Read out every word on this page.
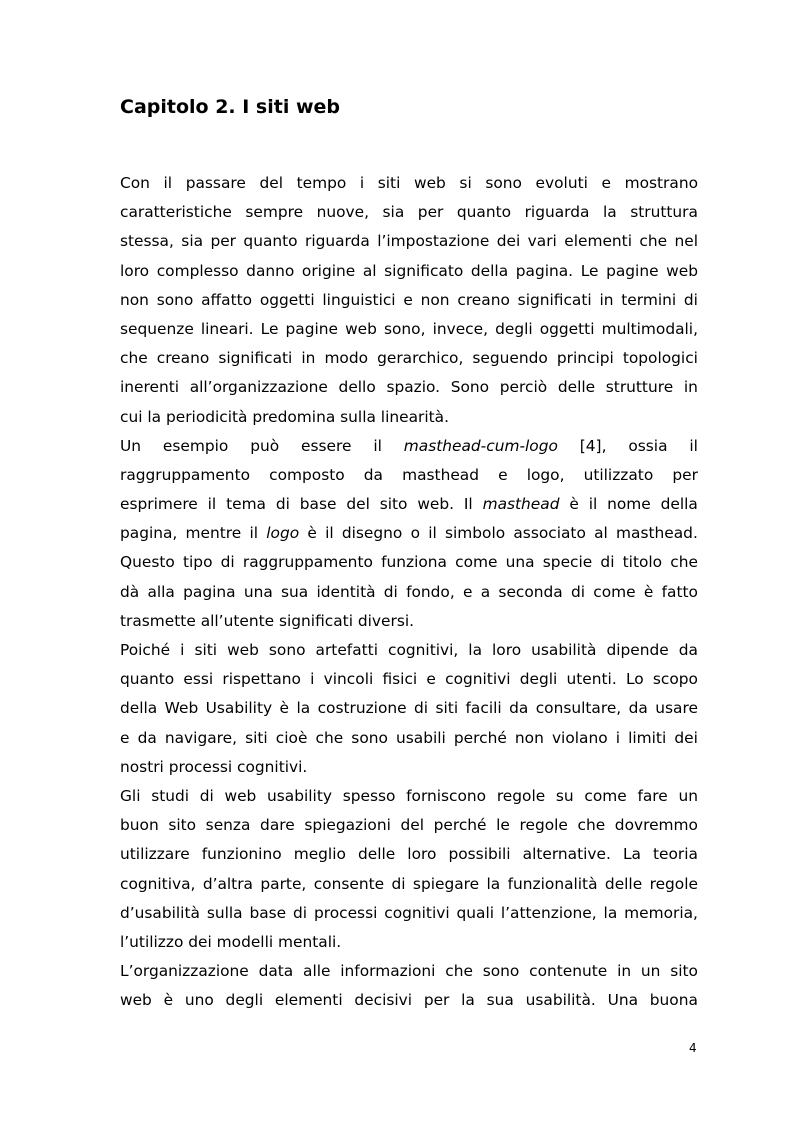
Capitolo 2. I siti web
Con il passare del tempo i siti web si sono evoluti e mostrano
caratteristiche sempre nuove, sia per quanto riguarda la struttura
stessa, sia per quanto riguarda l’impostazione dei vari elementi che nel
loro complesso danno origine al significato della pagina. Le pagine web
non sono affatto oggetti linguistici e non creano significati in termini di
sequenze lineari. Le pagine web sono, invece, degli oggetti multimodali,
che creano significati in modo gerarchico, seguendo principi topologici
inerenti all’organizzazione dello spazio. Sono perciò delle strutture in
cui la periodicità predomina sulla linearità.
Un esempio può essere il masthead-cum-logo [4], ossia il
raggruppamento composto da masthead e logo, utilizzato per
esprimere il tema di base del sito web. Il masthead è il nome della
pagina, mentre il logo è il disegno o il simbolo associato al masthead.
Questo tipo di raggruppamento funziona come una specie di titolo che
dà alla pagina una sua identità di fondo, e a seconda di come è fatto
trasmette all’utente significati diversi.
Poiché i siti web sono artefatti cognitivi, la loro usabilità dipende da
quanto essi rispettano i vincoli fisici e cognitivi degli utenti. Lo scopo
della Web Usability è la costruzione di siti facili da consultare, da usare
e da navigare, siti cioè che sono usabili perché non violano i limiti dei
nostri processi cognitivi.
Gli studi di web usability spesso forniscono regole su come fare un
buon sito senza dare spiegazioni del perché le regole che dovremmo
utilizzare funzionino meglio delle loro possibili alternative. La teoria
cognitiva, d’altra parte, consente di spiegare la funzionalità delle regole
d’usabilità sulla base di processi cognitivi quali l’attenzione, la memoria,
l’utilizzo dei modelli mentali.
L’organizzazione data alle informazioni che sono contenute in un sito
web è uno degli elementi decisivi per la sua usabilità. Una buona
4
